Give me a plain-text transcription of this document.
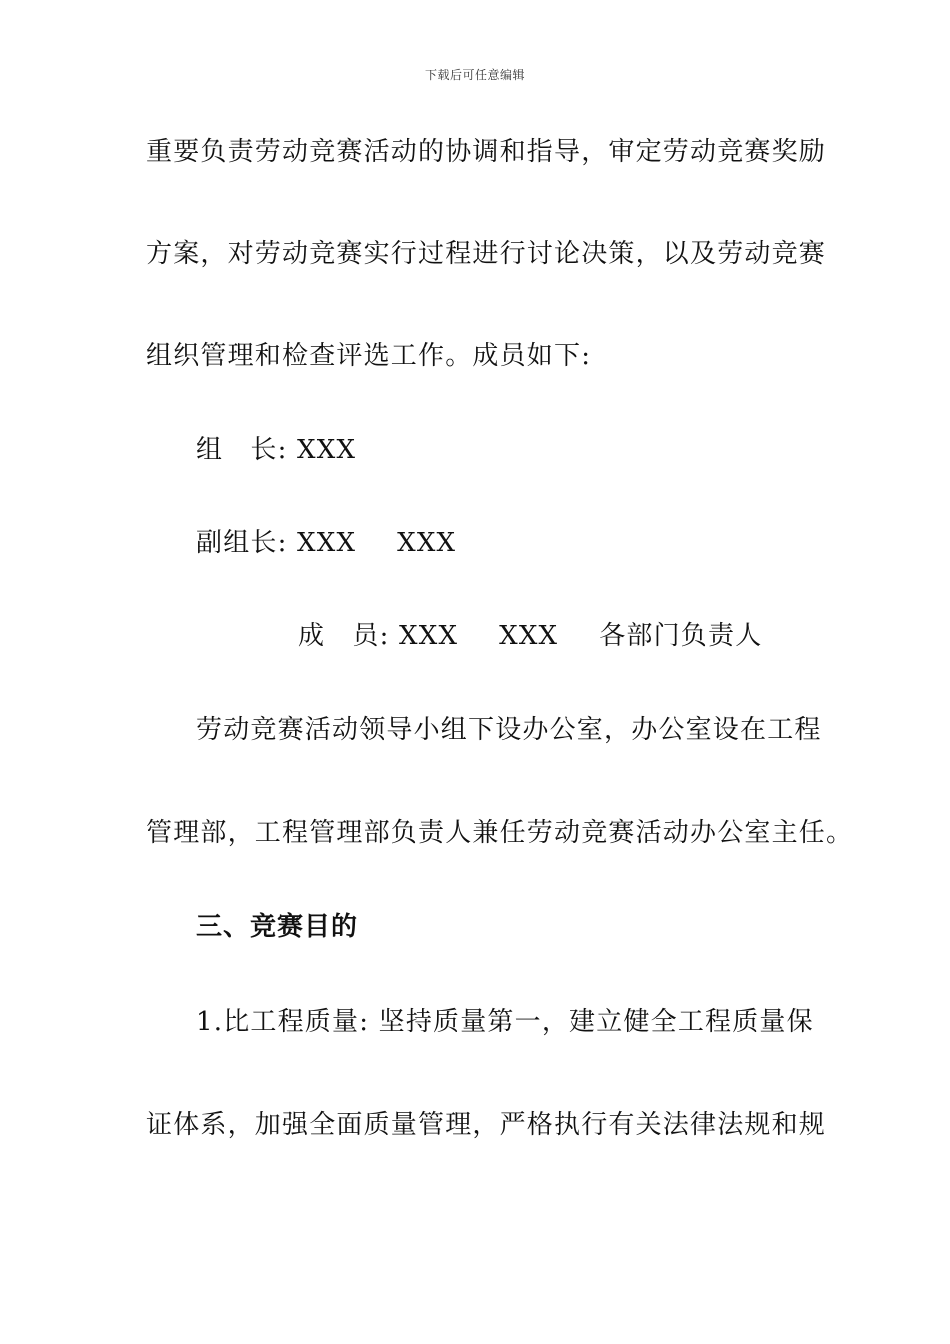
下载后可任意编辑
重要负责劳动竞赛活动的协调和指导，审定劳动竞赛奖励
方案，对劳动竞赛实行过程进行讨论决策，以及劳动竞赛
组织管理和检查评选工作。成员如下:
组　长: XXX
副组长: XXX XXX
成　员: XXX XXX 各部门负责人
劳动竞赛活动领导小组下设办公室，办公室设在工程
管理部，工程管理部负责人兼任劳动竞赛活动办公室主任。
三、竞赛目的
1.比工程质量: 坚持质量第一，建立健全工程质量保
证体系，加强全面质量管理，严格执行有关法律法规和规
